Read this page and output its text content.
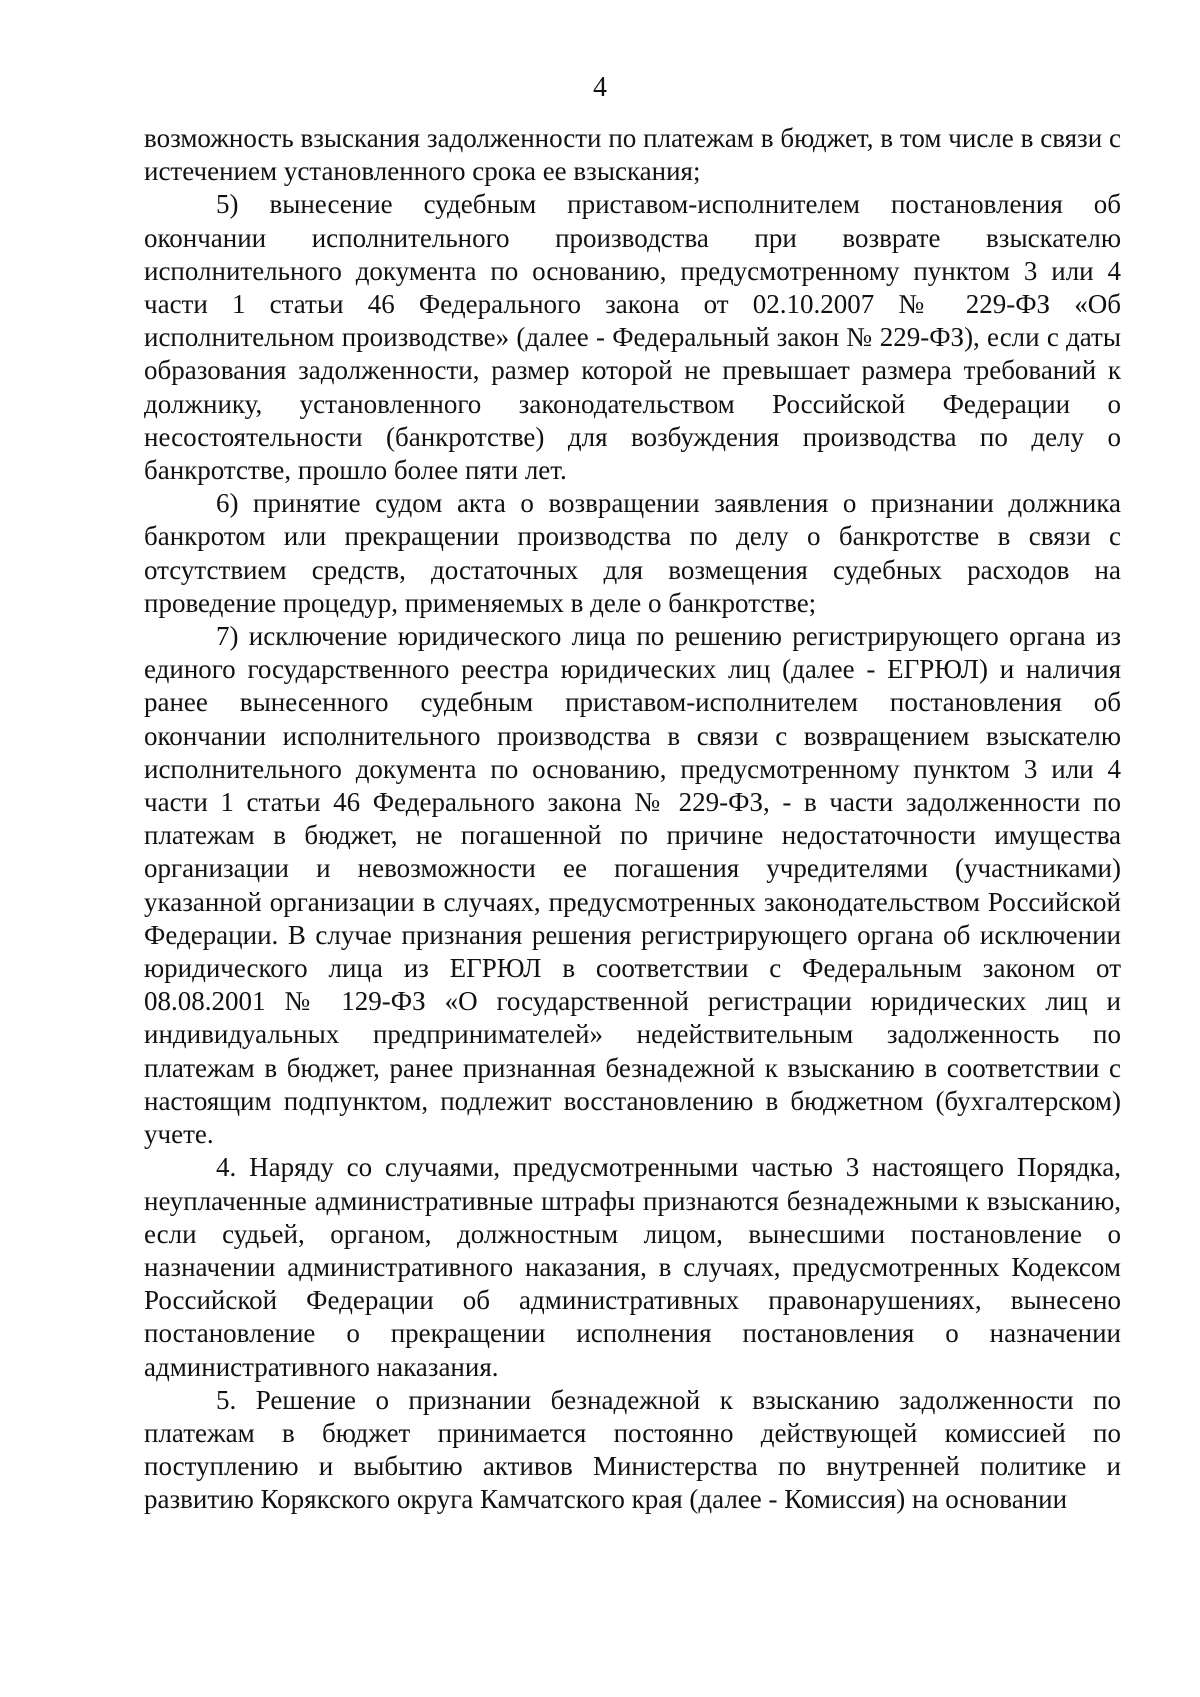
4

возможность взыскания задолженности по платежам в бюджет, в том числе в связи с истечением установленного срока ее взыскания;

5) вынесение судебным приставом-исполнителем постановления об окончании исполнительного производства при возврате взыскателю исполнительного документа по основанию, предусмотренному пунктом 3 или 4 части 1 статьи 46 Федерального закона от 02.10.2007 № 229-ФЗ «Об исполнительном производстве» (далее - Федеральный закон № 229-ФЗ), если с даты образования задолженности, размер которой не превышает размера требований к должнику, установленного законодательством Российской Федерации о несостоятельности (банкротстве) для возбуждения производства по делу о банкротстве, прошло более пяти лет.

6) принятие судом акта о возвращении заявления о признании должника банкротом или прекращении производства по делу о банкротстве в связи с отсутствием средств, достаточных для возмещения судебных расходов на проведение процедур, применяемых в деле о банкротстве;

7) исключение юридического лица по решению регистрирующего органа из единого государственного реестра юридических лиц (далее - ЕГРЮЛ) и наличия ранее вынесенного судебным приставом-исполнителем постановления об окончании исполнительного производства в связи с возвращением взыскателю исполнительного документа по основанию, предусмотренному пунктом 3 или 4 части 1 статьи 46 Федерального закона № 229-ФЗ, - в части задолженности по платежам в бюджет, не погашенной по причине недостаточности имущества организации и невозможности ее погашения учредителями (участниками) указанной организации в случаях, предусмотренных законодательством Российской Федерации. В случае признания решения регистрирующего органа об исключении юридического лица из ЕГРЮЛ в соответствии с Федеральным законом от 08.08.2001 № 129-ФЗ «О государственной регистрации юридических лиц и индивидуальных предпринимателей» недействительным задолженность по платежам в бюджет, ранее признанная безнадежной к взысканию в соответствии с настоящим подпунктом, подлежит восстановлению в бюджетном (бухгалтерском) учете.

4. Наряду со случаями, предусмотренными частью 3 настоящего Порядка, неуплаченные административные штрафы признаются безнадежными к взысканию, если судьей, органом, должностным лицом, вынесшими постановление о назначении административного наказания, в случаях, предусмотренных Кодексом Российской Федерации об административных правонарушениях, вынесено постановление о прекращении исполнения постановления о назначении административного наказания.

5. Решение о признании безнадежной к взысканию задолженности по платежам в бюджет принимается постоянно действующей комиссией по поступлению и выбытию активов Министерства по внутренней политике и развитию Корякского округа Камчатского края (далее - Комиссия) на основании
